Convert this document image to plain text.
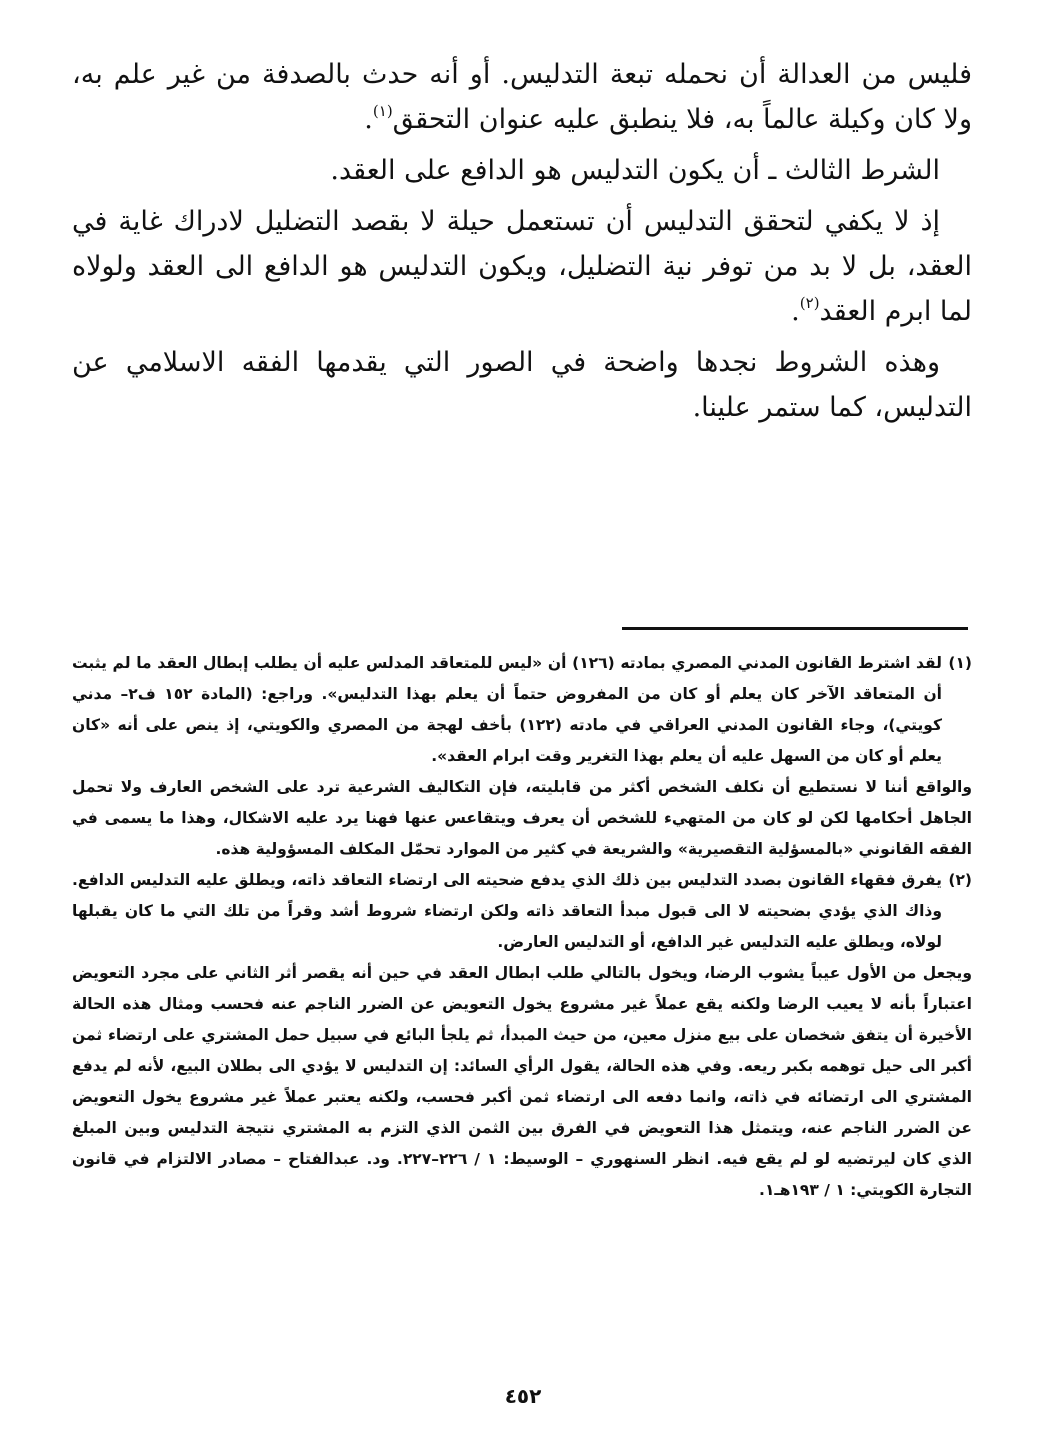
فليس من العدالة أن نحمله تبعة التدليس. أو أنه حدث بالصدفة من غير علم به، ولا كان وكيلة عالماً به، فلا ينطبق عليه عنوان التحقق$^{(١)}$.

الشرط الثالث ـ أن يكون التدليس هو الدافع على العقد.

إذ لا يكفي لتحقق التدليس أن تستعمل حيلة لا بقصد التضليل لادراك غاية في العقد، بل لا بد من توفر نية التضليل، ويكون التدليس هو الدافع الى العقد ولولاه لما ابرم العقد$^{(٢)}$.

وهذه الشروط نجدها واضحة في الصور التي يقدمها الفقه الاسلامي عن التدليس، كما ستمر علينا.

(١)لقد اشترط القانون المدني المصري بمادته (١٢٦) أن «ليس للمتعاقد المدلس عليه أن يطلب إبطال العقد ما لم يثبت أن المتعاقد الآخر كان يعلم أو كان من المفروض حتماً أن يعلم بهذا التدليس». وراجع: (المادة ١٥٢ ف٢– مدني كويتي)، وجاء القانون المدني العراقي في مادته (١٢٢) بأخف لهجة من المصري والكويتي، إذ ينص على أنه «كان يعلم أو كان من السهل عليه أن يعلم بهذا التغرير وقت ابرام العقد».

والواقع أننا لا نستطيع أن نكلف الشخص أكثر من قابليته، فإن التكاليف الشرعية ترد على الشخص العارف ولا تحمل الجاهل أحكامها لكن لو كان من المتهيء للشخص أن يعرف ويتقاعس عنها فهنا يرد عليه الاشكال، وهذا ما يسمى في الفقه القانوني «بالمسؤلية التقصيرية» والشريعة في كثير من الموارد تحمّل المكلف المسؤولية هذه.

(٢)يفرق فقهاء القانون بصدد التدليس بين ذلك الذي يدفع ضحيته الى ارتضاء التعاقد ذاته، ويطلق عليه التدليس الدافع. وذاك الذي يؤدي بضحيته لا الى قبول مبدأ التعاقد ذاته ولكن ارتضاء شروط أشد وقراً من تلك التي ما كان يقبلها لولاه، ويطلق عليه التدليس غير الدافع، أو التدليس العارض.

ويجعل من الأول عيباً يشوب الرضا، ويخول بالتالي طلب ابطال العقد في حين أنه يقصر أثر الثاني على مجرد التعويض اعتباراً بأنه لا يعيب الرضا ولكنه يقع عملاً غير مشروع يخول التعويض عن الضرر الناجم عنه فحسب ومثال هذه الحالة الأخيرة أن يتفق شخصان على بيع منزل معين، من حيث المبدأ، ثم يلجأ البائع في سبيل حمل المشتري على ارتضاء ثمن أكبر الى حيل توهمه بكبر ريعه. وفي هذه الحالة، يقول الرأي السائد: إن التدليس لا يؤدي الى بطلان البيع، لأنه لم يدفع المشتري الى ارتضائه في ذاته، وانما دفعه الى ارتضاء ثمن أكبر فحسب، ولكنه يعتبر عملاً غير مشروع يخول التعويض عن الضرر الناجم عنه، ويتمثل هذا التعويض في الفرق بين الثمن الذي التزم به المشتري نتيجة التدليس وبين المبلغ الذي كان ليرتضيه لو لم يقع فيه. انظر السنهوري – الوسيط: ١ / ٢٢٦–٢٢٧. ود. عبدالفتاح – مصادر الالتزام في قانون التجارة الكويتي: ١ / ١٩٣هـ١.

٤٥٢
